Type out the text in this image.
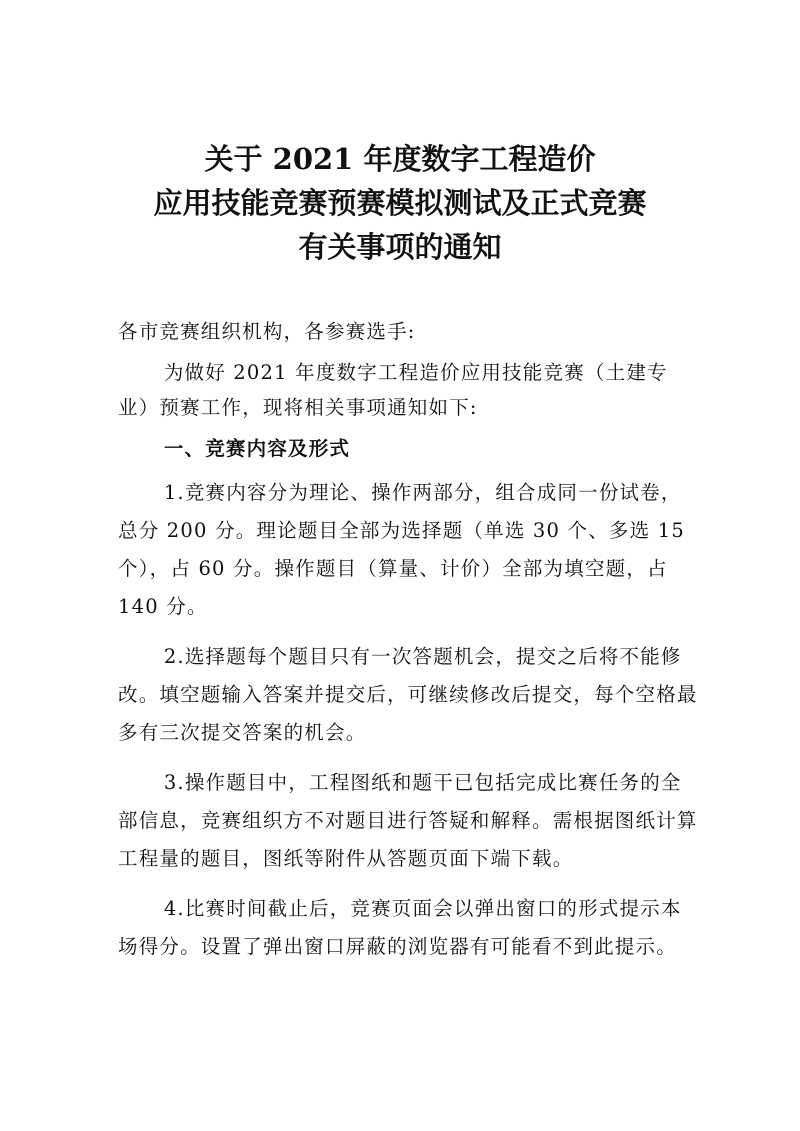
关于 2021 年度数字工程造价
应用技能竞赛预赛模拟测试及正式竞赛
有关事项的通知

各市竞赛组织机构，各参赛选手:

为做好 2021 年度数字工程造价应用技能竞赛（土建专业）预赛工作，现将相关事项通知如下:

一、竞赛内容及形式

1.竞赛内容分为理论、操作两部分，组合成同一份试卷，总分 200 分。理论题目全部为选择题（单选 30 个、多选 15 个），占 60 分。操作题目（算量、计价）全部为填空题，占 140 分。

2.选择题每个题目只有一次答题机会，提交之后将不能修改。填空题输入答案并提交后，可继续修改后提交，每个空格最多有三次提交答案的机会。

3.操作题目中，工程图纸和题干已包括完成比赛任务的全部信息，竞赛组织方不对题目进行答疑和解释。需根据图纸计算工程量的题目，图纸等附件从答题页面下端下载。

4.比赛时间截止后，竞赛页面会以弹出窗口的形式提示本场得分。设置了弹出窗口屏蔽的浏览器有可能看不到此提示。
